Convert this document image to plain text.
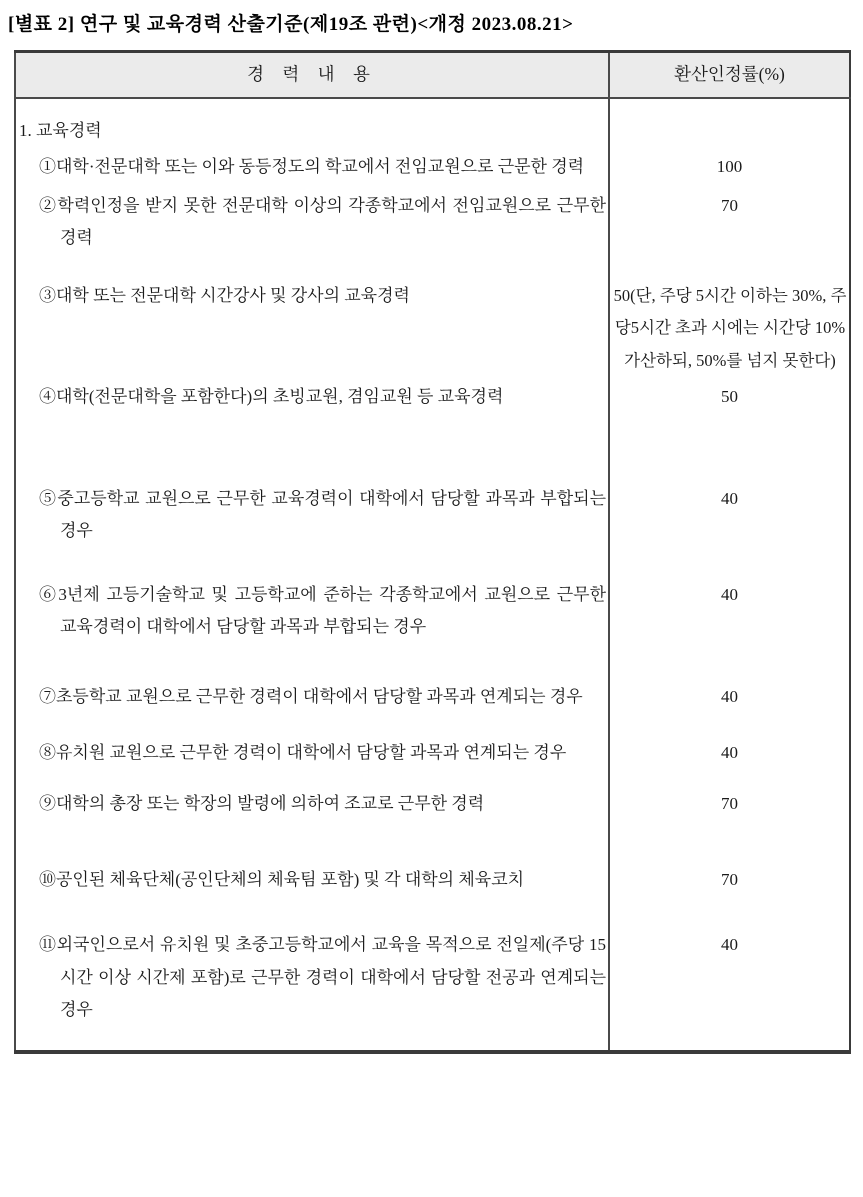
[별표 2] 연구 및 교육경력 산출기준(제19조 관련)<개정 2023.08.21>
경 력 내 용	환산인정률(%)

1. 교육경력	

①대학·전문대학 또는 이와 동등정도의 학교에서 전임교원으로 근문한 경력	100

②학력인정을 받지 못한 전문대학 이상의 각종학교에서 전임교원으로 근무한 경력	70

③대학 또는 전문대학 시간강사 및 강사의 교육경력	50(단, 주당 5시간 이하는 30%, 주당5시간 초과 시에는 시간당 10% 가산하되, 50%를 넘지 못한다)

④대학(전문대학을 포함한다)의 초빙교원, 겸임교원 등 교육경력	50

⑤중고등학교 교원으로 근무한 교육경력이 대학에서 담당할 과목과 부합되는 경우	40

⑥3년제 고등기술학교 및 고등학교에 준하는 각종학교에서 교원으로 근무한 교육경력이 대학에서 담당할 과목과 부합되는 경우	40

⑦초등학교 교원으로 근무한 경력이 대학에서 담당할 과목과 연계되는 경우	40

⑧유치원 교원으로 근무한 경력이 대학에서 담당할 과목과 연계되는 경우	40

⑨대학의 총장 또는 학장의 발령에 의하여 조교로 근무한 경력	70

⑩공인된 체육단체(공인단체의 체육팀 포함) 및 각 대학의 체육코치	70

⑪외국인으로서 유치원 및 초중고등학교에서 교육을 목적으로 전일제(주당 15시간 이상 시간제 포함)로 근무한 경력이 대학에서 담당할 전공과 연계되는 경우	40
